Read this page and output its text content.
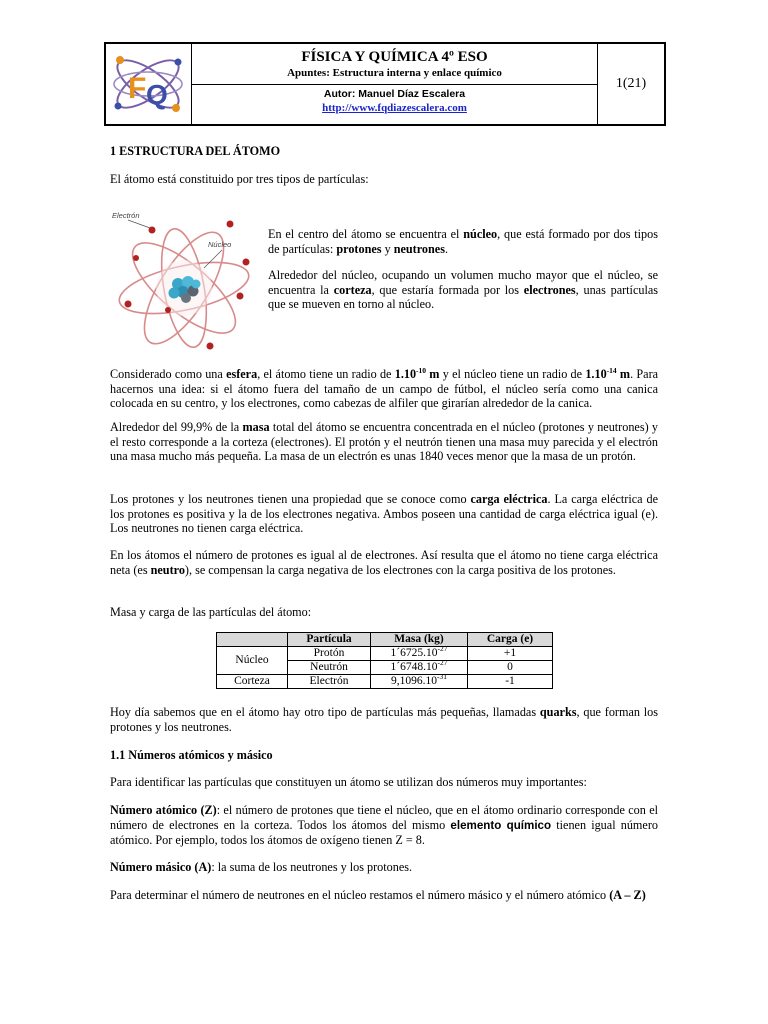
F Q
FÍSICA Y QUÍMICA 4º ESO
Apuntes: Estructura interna y enlace químico
Autor: Manuel Díaz Escalera
http://www.fqdiazescalera.com
1(21)
1 ESTRUCTURA DEL ÁTOMO

El átomo está constituido por tres tipos de partículas:

Electrón
Núcleo

En el centro del átomo se encuentra el núcleo, que está formado por dos tipos de partículas: protones y neutrones.

Alrededor del núcleo, ocupando un volumen mucho mayor que el núcleo, se encuentra la corteza, que estaría formada por los electrones, unas partículas que se mueven en torno al núcleo.

Considerado como una esfera, el átomo tiene un radio de $1.10^{-10}$ m y el núcleo tiene un radio de $1.10^{-14}$ m. Para hacernos una idea: si el átomo fuera del tamaño de un campo de fútbol, el núcleo sería como una canica colocada en su centro, y los electrones, como cabezas de alfiler que girarían alrededor de la canica.

Alrededor del 99,9% de la masa total del átomo se encuentra concentrada en el núcleo (protones y neutrones) y el resto corresponde a la corteza (electrones). El protón y el neutrón tienen una masa muy parecida y el electrón una masa mucho más pequeña. La masa de un electrón es unas 1840 veces menor que la masa de un protón.

Los protones y los neutrones tienen una propiedad que se conoce como carga eléctrica. La carga eléctrica de los protones es positiva y la de los electrones negativa. Ambos poseen una cantidad de carga eléctrica igual (e). Los neutrones no tienen carga eléctrica.

En los átomos el número de protones es igual al de electrones. Así resulta que el átomo no tiene carga eléctrica neta (es neutro), se compensan la carga negativa de los electrones con la carga positiva de los protones.

Masa y carga de las partículas del átomo:

	Partícula	Masa (kg)	Carga (e)
Núcleo	Protón	$1´6725.10^{-27}$	+1
	Neutrón	$1´6748.10^{-27}$	0
Corteza	Electrón	$9,1096.10^{-31}$	-1

Hoy día sabemos que en el átomo hay otro tipo de partículas más pequeñas, llamadas quarks, que forman los protones y los neutrones.

1.1 Números atómicos y másico

Para identificar las partículas que constituyen un átomo se utilizan dos números muy importantes:

Número atómico (Z): el número de protones que tiene el núcleo, que en el átomo ordinario corresponde con el número de electrones en la corteza. Todos los átomos del mismo elemento químico tienen igual número atómico. Por ejemplo, todos los átomos de oxígeno tienen Z = 8.

Número másico (A): la suma de los neutrones y los protones.

Para determinar el número de neutrones en el núcleo restamos el número másico y el número atómico (A – Z)
